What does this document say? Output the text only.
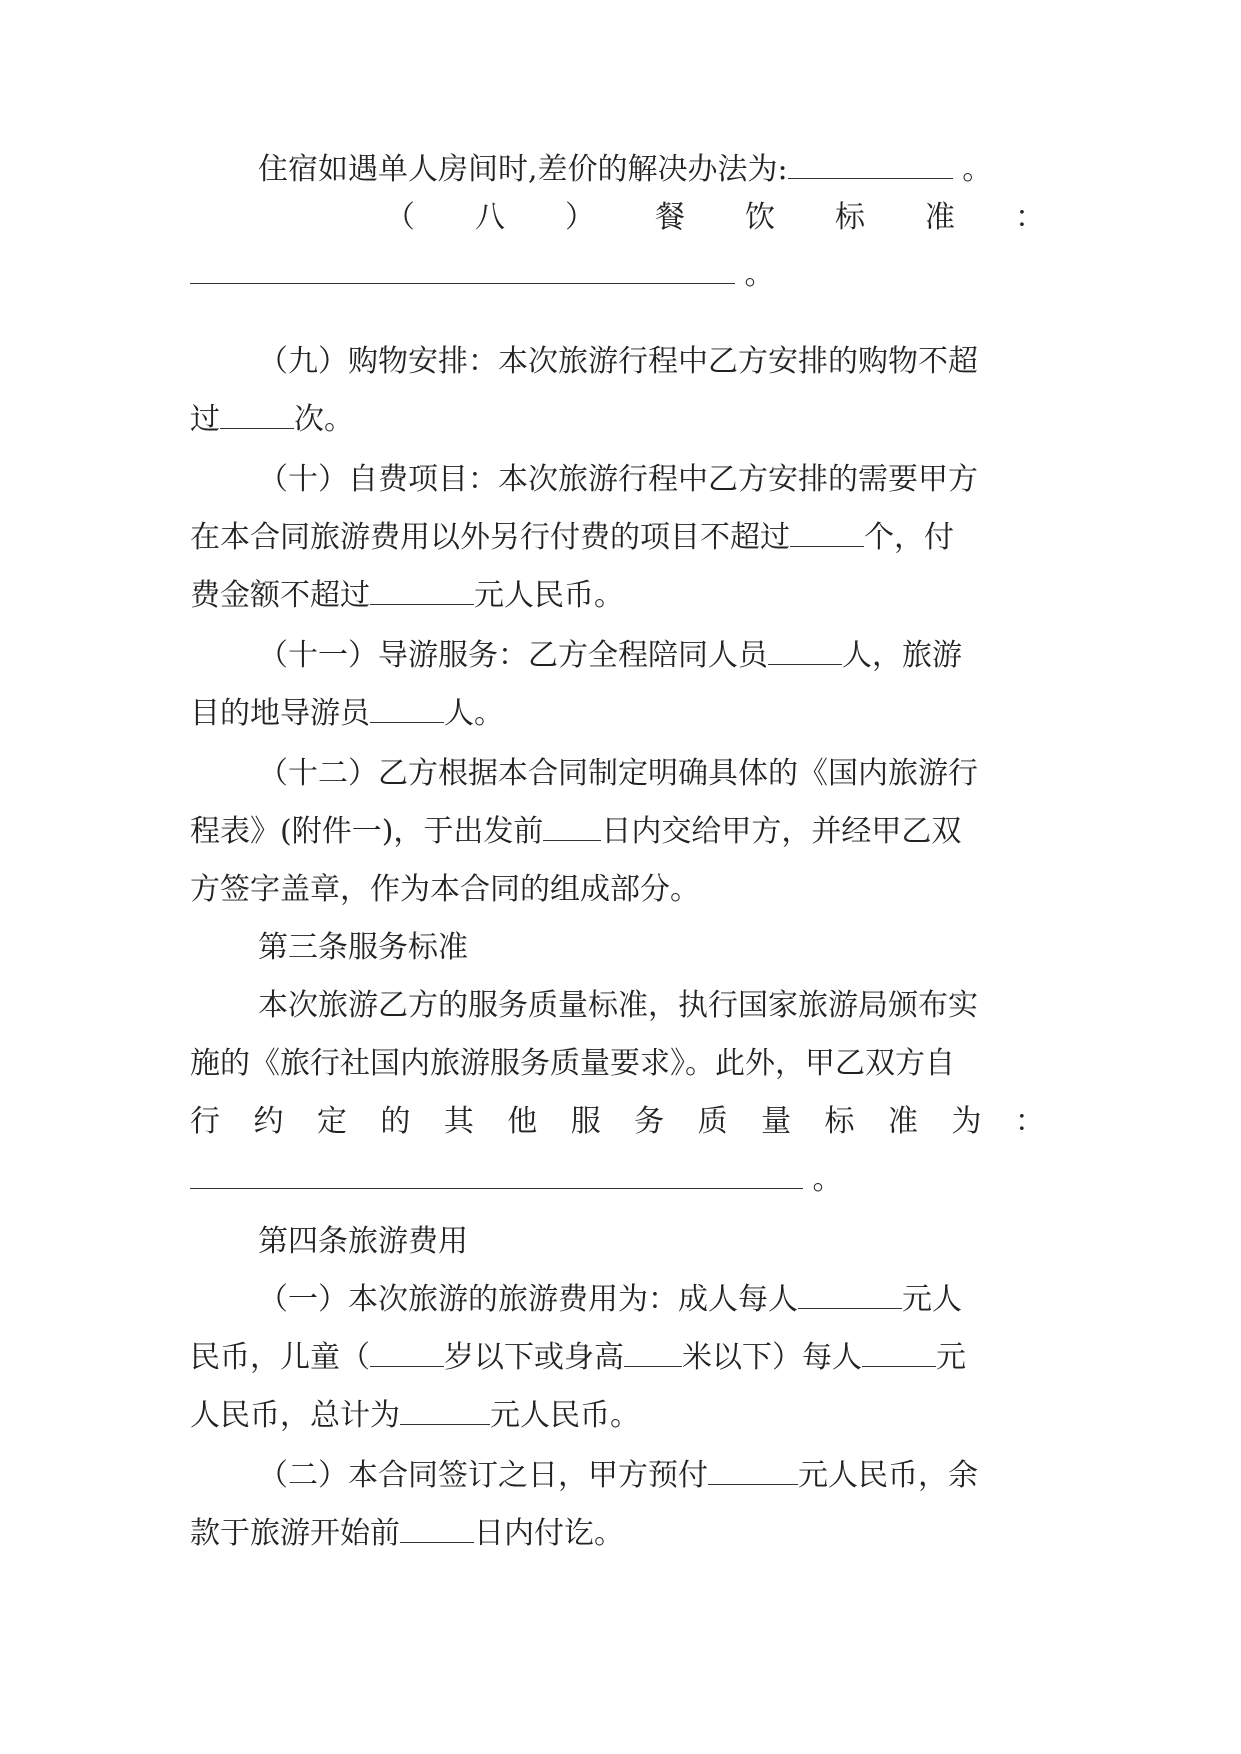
住宿如遇单人房间时,差价的解决办法为:	。
（ 八 ） 餐 饮 标 准 ：
。
（九）购物安排：本次旅游行程中乙方安排的购物不超
过 次。
（十）自费项目：本次旅游行程中乙方安排的需要甲方
在本合同旅游费用以外另行付费的项目不超过 个，付
费金额不超过	元人民币。
（十一）导游服务：乙方全程陪同人员 人，旅游
目的地导游员 人。
（十二）乙方根据本合同制定明确具体的《国内旅游行
程表》(附件一)，于出发前 日内交给甲方，并经甲乙双
方签字盖章，作为本合同的组成部分。
第三条服务标准
本次旅游乙方的服务质量标准，执行国家旅游局颁布实
施的《旅行社国内旅游服务质量要求》。此外，甲乙双方自
行 约 定 的 其 他 服 务 质 量 标 准 为 ：
。
第四条旅游费用
（一）本次旅游的旅游费用为：成人每人	元人
民币，儿童（ 岁以下或身高 米以下）每人 元
人民币，总计为	元人民币。
（二）本合同签订之日，甲方预付	元人民币，余
款于旅游开始前 日内付讫。
